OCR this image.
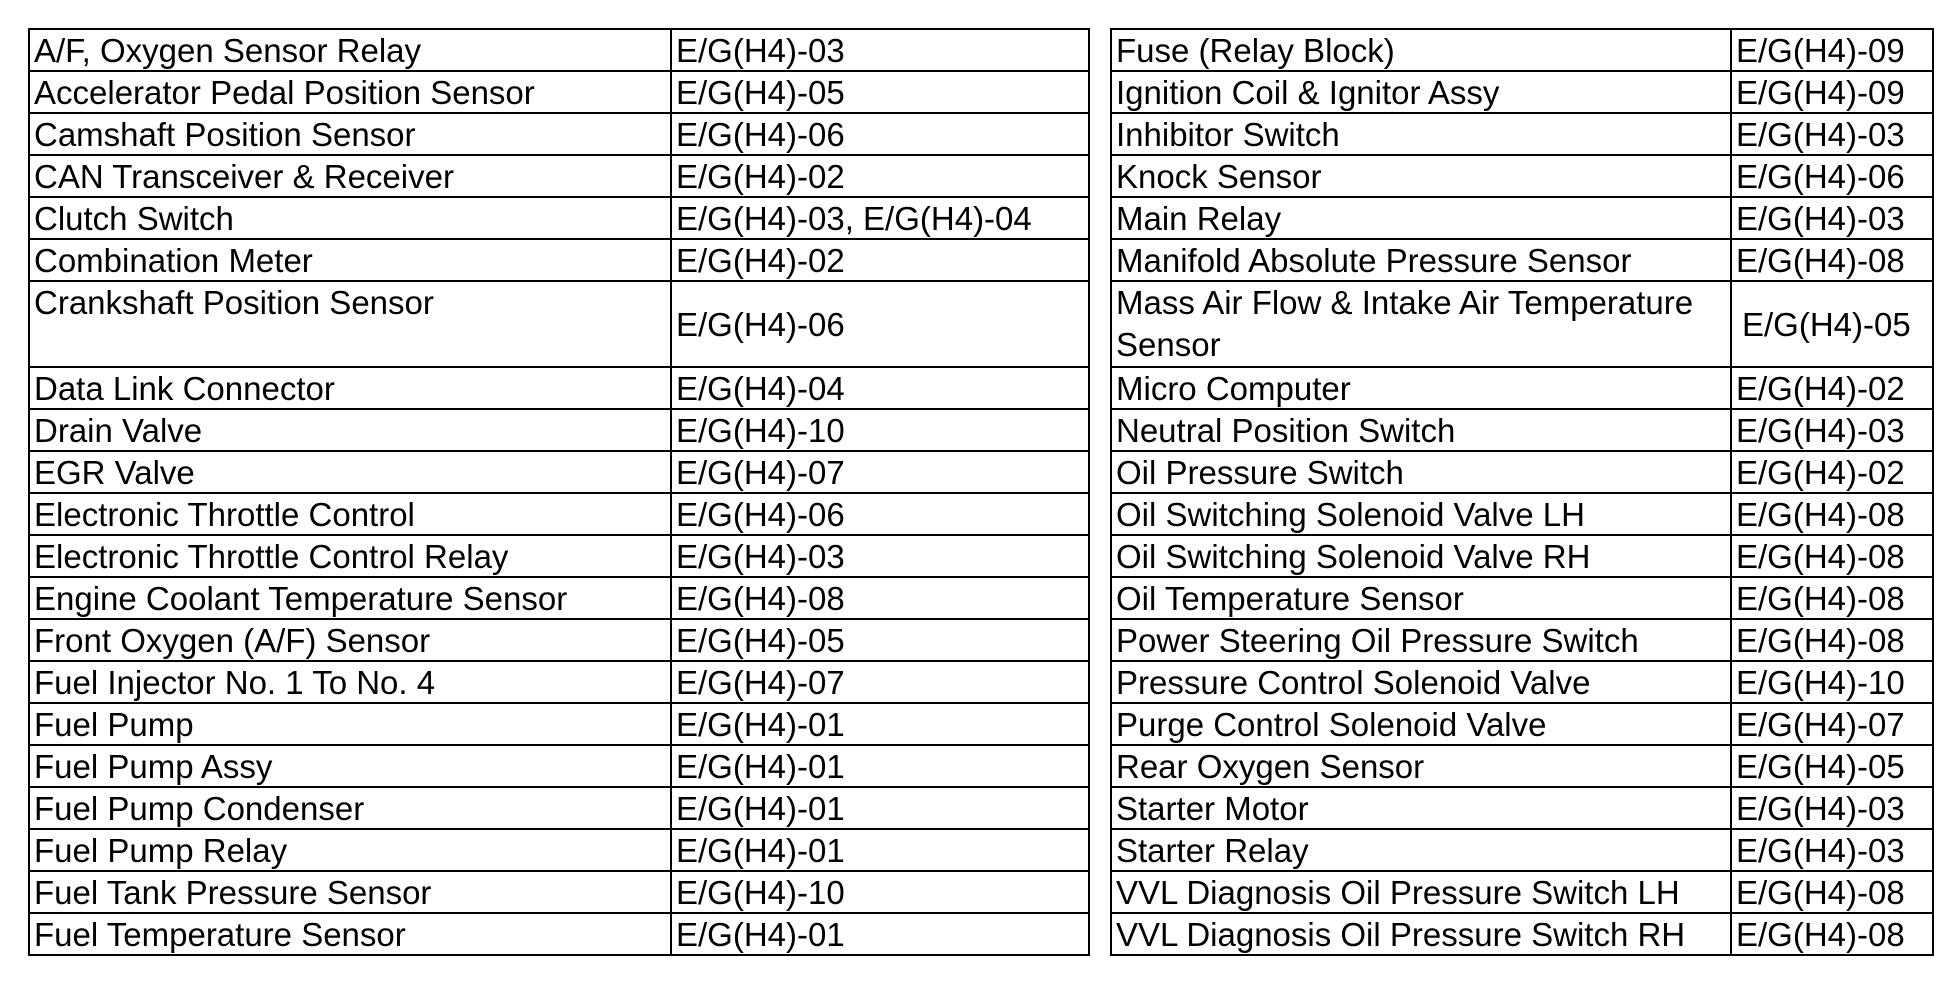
A/F, Oxygen Sensor Relay	E/G(H4)-03
Accelerator Pedal Position Sensor	E/G(H4)-05
Camshaft Position Sensor	E/G(H4)-06
CAN Transceiver & Receiver	E/G(H4)-02
Clutch Switch	E/G(H4)-03, E/G(H4)-04
Combination Meter	E/G(H4)-02
Crankshaft Position Sensor	E/G(H4)-06
Data Link Connector	E/G(H4)-04
Drain Valve	E/G(H4)-10
EGR Valve	E/G(H4)-07
Electronic Throttle Control	E/G(H4)-06
Electronic Throttle Control Relay	E/G(H4)-03
Engine Coolant Temperature Sensor	E/G(H4)-08
Front Oxygen (A/F) Sensor	E/G(H4)-05
Fuel Injector No. 1 To No. 4	E/G(H4)-07
Fuel Pump	E/G(H4)-01
Fuel Pump Assy	E/G(H4)-01
Fuel Pump Condenser	E/G(H4)-01
Fuel Pump Relay	E/G(H4)-01
Fuel Tank Pressure Sensor	E/G(H4)-10
Fuel Temperature Sensor	E/G(H4)-01
Fuse (Relay Block)	E/G(H4)-09
Ignition Coil & Ignitor Assy	E/G(H4)-09
Inhibitor Switch	E/G(H4)-03
Knock Sensor	E/G(H4)-06
Main Relay	E/G(H4)-03
Manifold Absolute Pressure Sensor	E/G(H4)-08
Mass Air Flow & Intake Air Temperature Sensor	E/G(H4)-05
Micro Computer	E/G(H4)-02
Neutral Position Switch	E/G(H4)-03
Oil Pressure Switch	E/G(H4)-02
Oil Switching Solenoid Valve LH	E/G(H4)-08
Oil Switching Solenoid Valve RH	E/G(H4)-08
Oil Temperature Sensor	E/G(H4)-08
Power Steering Oil Pressure Switch	E/G(H4)-08
Pressure Control Solenoid Valve	E/G(H4)-10
Purge Control Solenoid Valve	E/G(H4)-07
Rear Oxygen Sensor	E/G(H4)-05
Starter Motor	E/G(H4)-03
Starter Relay	E/G(H4)-03
VVL Diagnosis Oil Pressure Switch LH	E/G(H4)-08
VVL Diagnosis Oil Pressure Switch RH	E/G(H4)-08
